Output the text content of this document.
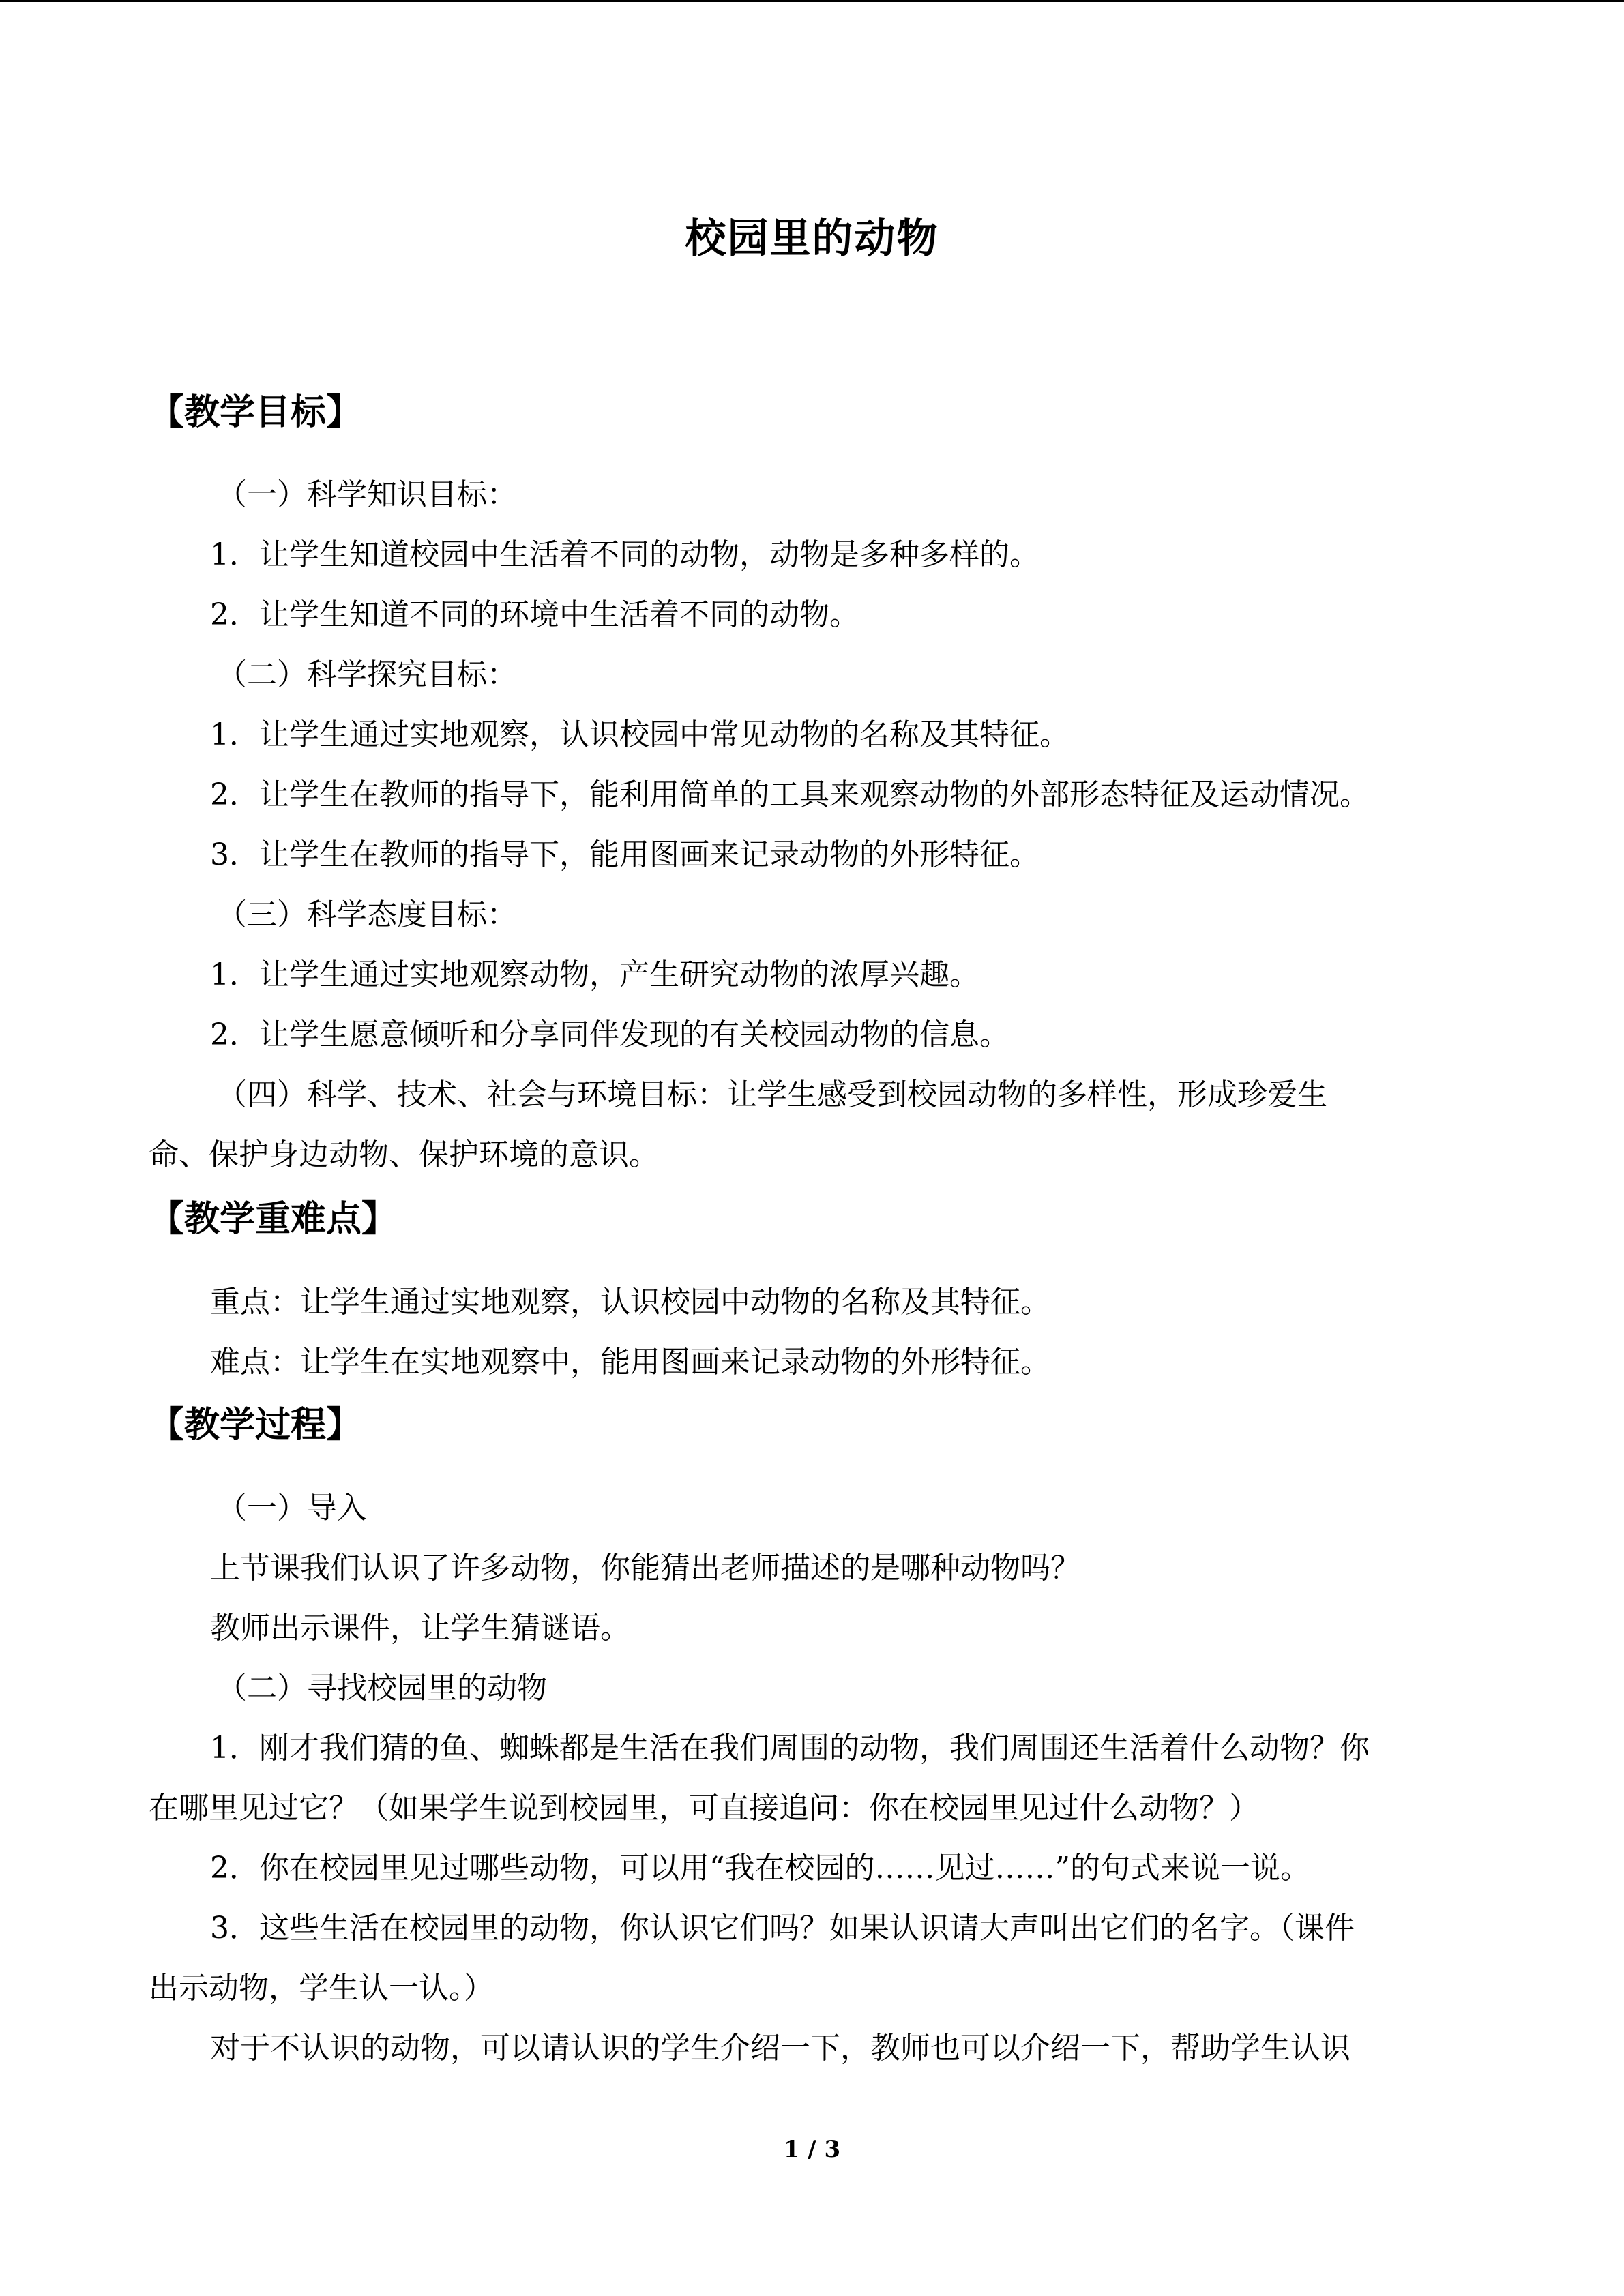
校园里的动物
【教学目标】
（一）科学知识目标：
1．让学生知道校园中生活着不同的动物，动物是多种多样的。
2．让学生知道不同的环境中生活着不同的动物。
（二）科学探究目标：
1．让学生通过实地观察，认识校园中常见动物的名称及其特征。
2．让学生在教师的指导下，能利用简单的工具来观察动物的外部形态特征及运动情况。
3．让学生在教师的指导下，能用图画来记录动物的外形特征。
（三）科学态度目标：
1．让学生通过实地观察动物，产生研究动物的浓厚兴趣。
2．让学生愿意倾听和分享同伴发现的有关校园动物的信息。
（四）科学、技术、社会与环境目标：让学生感受到校园动物的多样性，形成珍爱生
命、保护身边动物、保护环境的意识。
【教学重难点】
重点：让学生通过实地观察，认识校园中动物的名称及其特征。
难点：让学生在实地观察中，能用图画来记录动物的外形特征。
【教学过程】
（一）导入
上节课我们认识了许多动物，你能猜出老师描述的是哪种动物吗？
教师出示课件，让学生猜谜语。
（二）寻找校园里的动物
1．刚才我们猜的鱼、蜘蛛都是生活在我们周围的动物，我们周围还生活着什么动物？你
在哪里见过它？（如果学生说到校园里，可直接追问：你在校园里见过什么动物？）
2．你在校园里见过哪些动物，可以用“我在校园的……见过……”的句式来说一说。
3．这些生活在校园里的动物，你认识它们吗？如果认识请大声叫出它们的名字。（课件
出示动物，学生认一认。）
对于不认识的动物，可以请认识的学生介绍一下，教师也可以介绍一下，帮助学生认识
1 / 3
